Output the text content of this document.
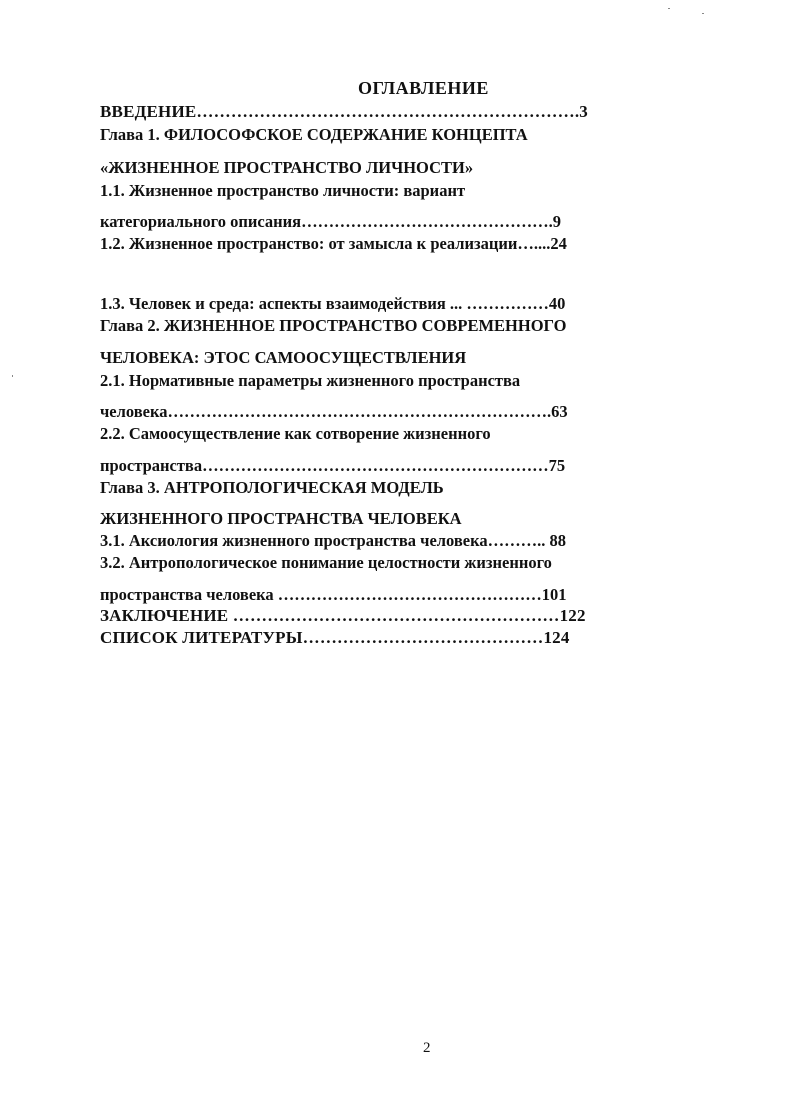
ОГЛАВЛЕНИЕ
ВВЕДЕНИЕ………………………………………………………….3
Глава 1. ФИЛОСОФСКОЕ СОДЕРЖАНИЕ КОНЦЕПТА
«ЖИЗНЕННОЕ ПРОСТРАНСТВО ЛИЧНОСТИ»
1.1. Жизненное пространство личности: вариант
категориального описания……………………………………….9
1.2. Жизненное пространство: от замысла к реализации…....24
1.3. Человек и среда: аспекты взаимодействия ... ……………40
Глава 2. ЖИЗНЕННОЕ ПРОСТРАНСТВО СОВРЕМЕННОГО
ЧЕЛОВЕКА: ЭТОС САМООСУЩЕСТВЛЕНИЯ
2.1. Нормативные параметры жизненного пространства
человека…………………………………………………………….63
2.2. Самоосуществление как сотворение жизненного
пространства………………………………………………………75
Глава 3. АНТРОПОЛОГИЧЕСКАЯ МОДЕЛЬ
ЖИЗНЕННОГО ПРОСТРАНСТВА ЧЕЛОВЕКА
3.1. Аксиология жизненного пространства человека……….. 88
3.2. Антропологическое понимание целостности жизненного
пространства человека …………………………………………101
ЗАКЛЮЧЕНИЕ …………………………………………………122
СПИСОК ЛИТЕРАТУРЫ……………………………………124
2
